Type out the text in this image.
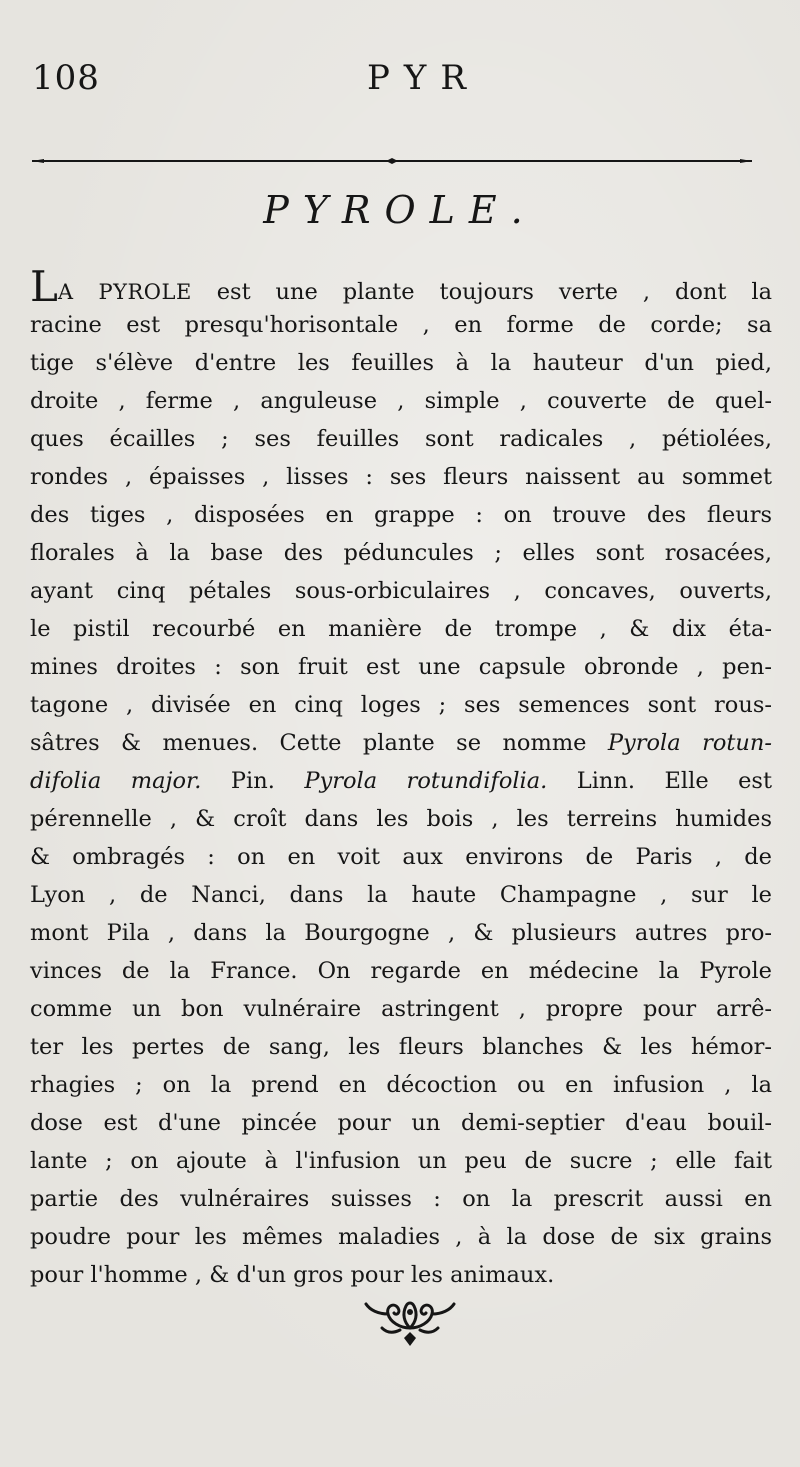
108	PYR
PYROLE.
LA PYROLE est une plante toujours verte , dont la
racine est presqu'horisontale , en forme de corde; sa
tige s'élève d'entre les feuilles à la hauteur d'un pied,
droite , ferme , anguleuse , simple , couverte de quel-
ques écailles ; ses feuilles sont radicales , pétiolées,
rondes , épaisses , lisses : ses fleurs naissent au sommet
des tiges , disposées en grappe : on trouve des fleurs
florales à la base des péduncules ; elles sont rosacées,
ayant cinq pétales sous-orbiculaires , concaves, ouverts,
le pistil recourbé en manière de trompe , & dix éta-
mines droites : son fruit est une capsule obronde , pen-
tagone , divisée en cinq loges ; ses semences sont rous-
sâtres & menues. Cette plante se nomme Pyrola rotun-
difolia major. Pin. Pyrola rotundifolia. Linn. Elle est
pérennelle , & croît dans les bois , les terreins humides
& ombragés : on en voit aux environs de Paris , de
Lyon , de Nanci, dans la haute Champagne , sur le
mont Pila , dans la Bourgogne , & plusieurs autres pro-
vinces de la France. On regarde en médecine la Pyrole
comme un bon vulnéraire astringent , propre pour arrê-
ter les pertes de sang, les fleurs blanches & les hémor-
rhagies ; on la prend en décoction ou en infusion , la
dose est d'une pincée pour un demi-septier d'eau bouil-
lante ; on ajoute à l'infusion un peu de sucre ; elle fait
partie des vulnéraires suisses : on la prescrit aussi en
poudre pour les mêmes maladies , à la dose de six grains
pour l'homme , & d'un gros pour les animaux.
